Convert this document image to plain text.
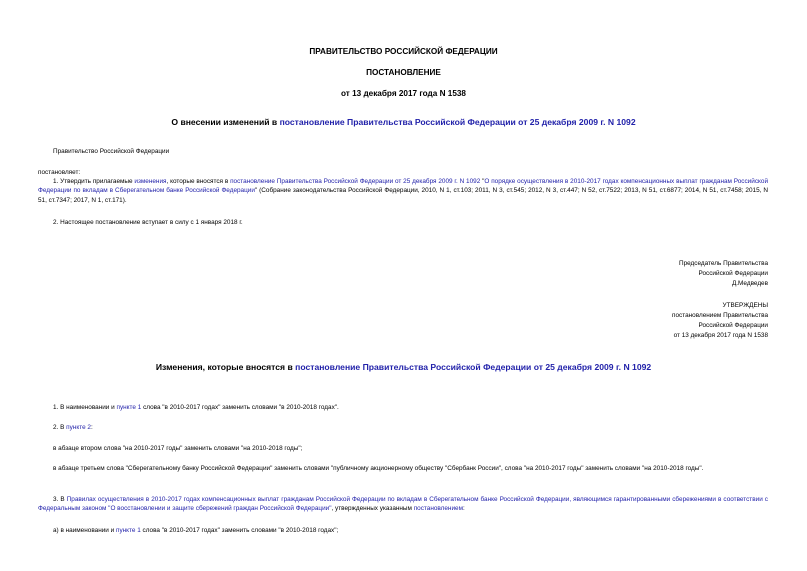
ПРАВИТЕЛЬСТВО РОССИЙСКОЙ ФЕДЕРАЦИИ

ПОСТАНОВЛЕНИЕ

от 13 декабря 2017 года N 1538

О внесении изменений в постановление Правительства Российской Федерации от 25 декабря 2009 г. N 1092

Правительство Российской Федерации

постановляет:

1. Утвердить прилагаемые изменения, которые вносятся в постановление Правительства Российской Федерации от 25 декабря 2009 г. N 1092 "О порядке осуществления в 2010-2017 годах компенсационных выплат гражданам Российской Федерации по вкладам в Сберегательном банке Российской Федерации" (Собрание законодательства Российской Федерации, 2010, N 1, ст.103; 2011, N 3, ст.545; 2012, N 3, ст.447; N 52, ст.7522; 2013, N 51, ст.6877; 2014, N 51, ст.7458; 2015, N 51, ст.7347; 2017, N 1, ст.171).

2. Настоящее постановление вступает в силу с 1 января 2018 г.

Председатель Правительства

Российской Федерации

Д.Медведев

УТВЕРЖДЕНЫ

постановлением Правительства

Российской Федерации

от 13 декабря 2017 года N 1538

Изменения, которые вносятся в постановление Правительства Российской Федерации от 25 декабря 2009 г. N 1092

1. В наименовании и пункте 1 слова "в 2010-2017 годах" заменить словами "в 2010-2018 годах".

2. В пункте 2:

в абзаце втором слова "на 2010-2017 годы" заменить словами "на 2010-2018 годы";

в абзаце третьем слова "Сберегательному банку Российской Федерации" заменить словами "публичному акционерному обществу "Сбербанк России", слова "на 2010-2017 годы" заменить словами "на 2010-2018 годы".

3. В Правилах осуществления в 2010-2017 годах компенсационных выплат гражданам Российской Федерации по вкладам в Сберегательном банке Российской Федерации, являющимся гарантированными сбережениями в соответствии с Федеральным законом "О восстановлении и защите сбережений граждан Российской Федерации", утвержденных указанным постановлением:

а) в наименовании и пункте 1 слова "в 2010-2017 годах" заменить словами "в 2010-2018 годах";
